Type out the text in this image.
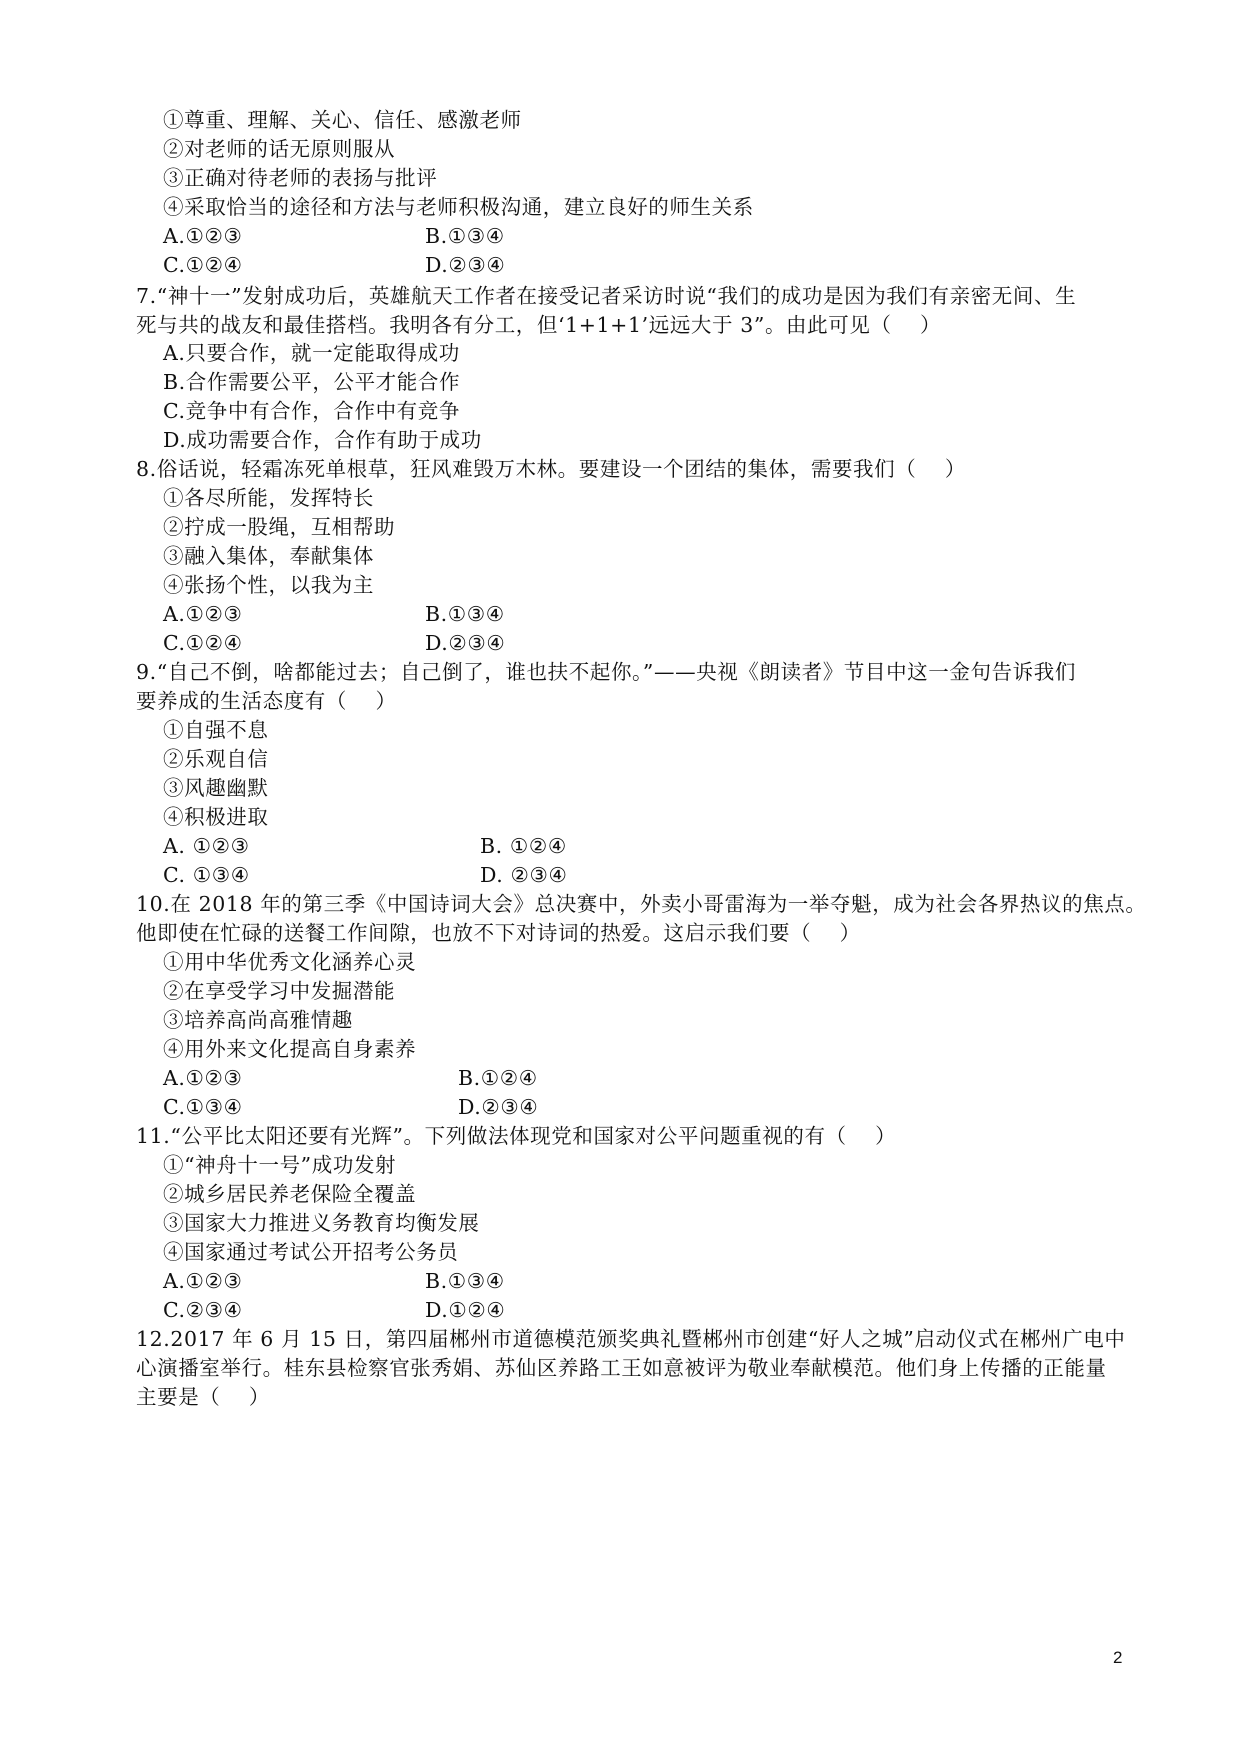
①尊重、理解、关心、信任、感激老师
②对老师的话无原则服从
③正确对待老师的表扬与批评
④采取恰当的途径和方法与老师积极沟通，建立良好的师生关系
A.①②③	B.①③④
C.①②④	D.②③④
7.“神十一”发射成功后，英雄航天工作者在接受记者采访时说“我们的成功是因为我们有亲密无间、生
死与共的战友和最佳搭档。我明各有分工，但‘1+1+1’远远大于 3”。由此可见（    ）
A.只要合作，就一定能取得成功
B.合作需要公平，公平才能合作
C.竞争中有合作，合作中有竞争
D.成功需要合作，合作有助于成功
8.俗话说，轻霜冻死单根草，狂风难毁万木林。要建设一个团结的集体，需要我们（    ）
①各尽所能，发挥特长
②拧成一股绳，互相帮助
③融入集体，奉献集体
④张扬个性，以我为主
A.①②③	B.①③④
C.①②④	D.②③④
9.“自己不倒，啥都能过去；自己倒了，谁也扶不起你。”——央视《朗读者》节目中这一金句告诉我们
要养成的生活态度有（    ）
①自强不息
②乐观自信
③风趣幽默
④积极进取
A. ①②③	B. ①②④
C. ①③④	D. ②③④
10.在 2018 年的第三季《中国诗词大会》总决赛中，外卖小哥雷海为一举夺魁，成为社会各界热议的焦点。
他即使在忙碌的送餐工作间隙，也放不下对诗词的热爱。这启示我们要（    ）
①用中华优秀文化涵养心灵
②在享受学习中发掘潜能
③培养高尚高雅情趣
④用外来文化提高自身素养
A.①②③	B.①②④
C.①③④	D.②③④
11.“公平比太阳还要有光辉”。下列做法体现党和国家对公平问题重视的有（    ）
①“神舟十一号”成功发射
②城乡居民养老保险全覆盖
③国家大力推进义务教育均衡发展
④国家通过考试公开招考公务员
A.①②③	B.①③④
C.②③④	D.①②④
12.2017 年 6 月 15 日，第四届郴州市道德模范颁奖典礼暨郴州市创建“好人之城”启动仪式在郴州广电中
心演播室举行。桂东县检察官张秀娟、苏仙区养路工王如意被评为敬业奉献模范。他们身上传播的正能量
主要是（    ）
2
